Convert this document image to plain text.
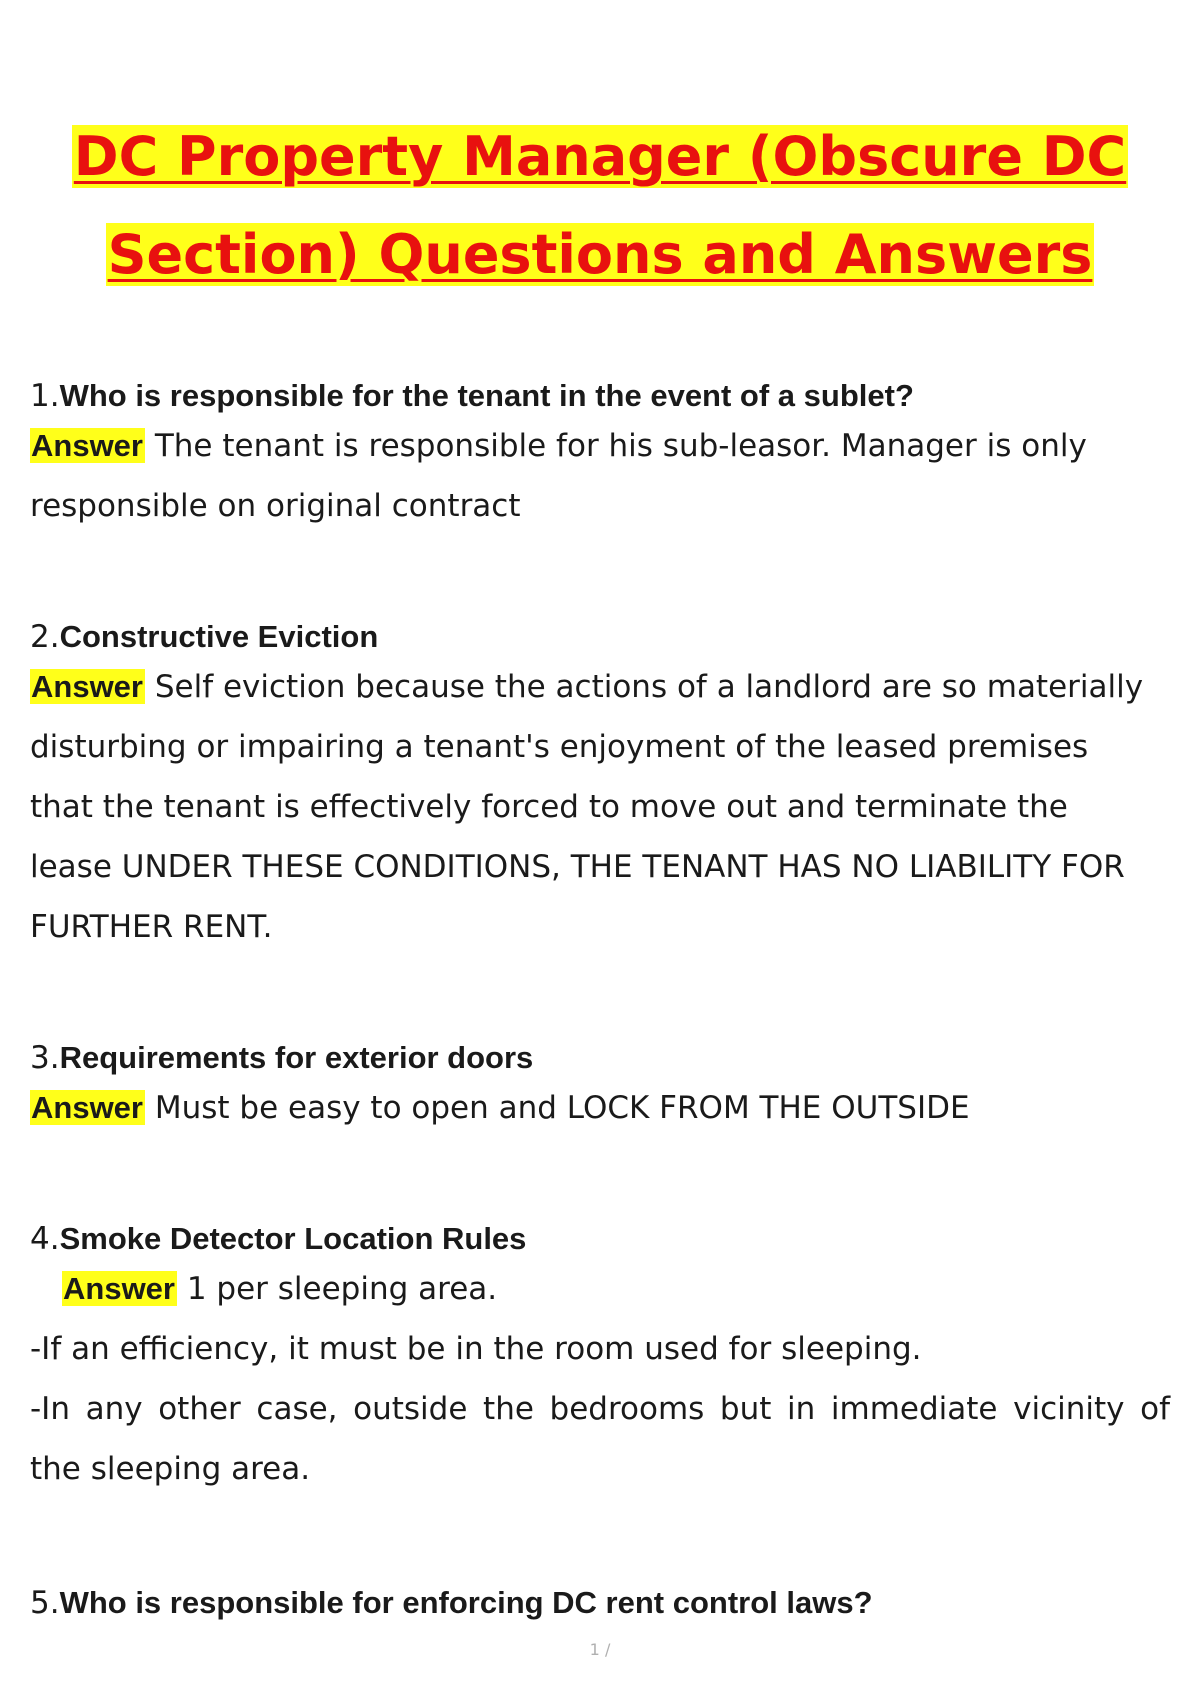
DC Property Manager (Obscure DC
Section) Questions and Answers
1.Who is responsible for the tenant in the event of a sublet?
Answer The tenant is responsible for his sub-leasor. Manager is only
responsible on original contract
2.Constructive Eviction
Answer Self eviction because the actions of a landlord are so materially
disturbing or impairing a tenant's enjoyment of the leased premises
that the tenant is effectively forced to move out and terminate the
lease UNDER THESE CONDITIONS, THE TENANT HAS NO LIABILITY FOR
FURTHER RENT.
3.Requirements for exterior doors
Answer Must be easy to open and LOCK FROM THE OUTSIDE
4.Smoke Detector Location Rules
Answer 1 per sleeping area.
-If an efficiency, it must be in the room used for sleeping.
-In any other case, outside the bedrooms but in immediate vicinity of
the sleeping area.
5.Who is responsible for enforcing DC rent control laws?
1 /
